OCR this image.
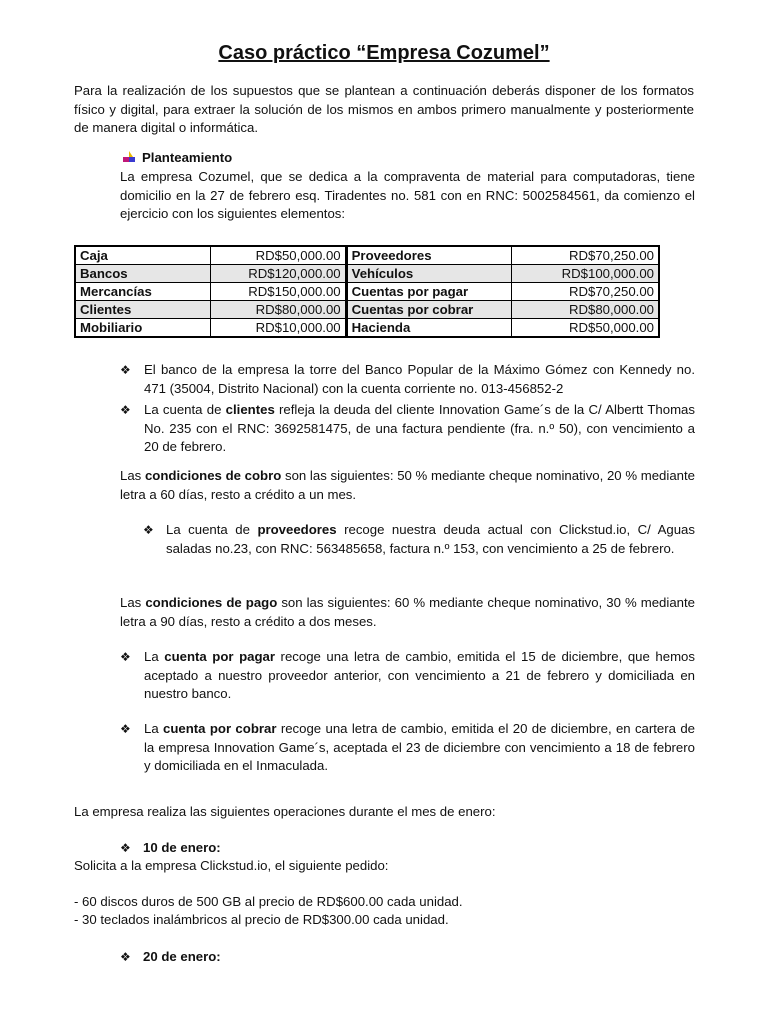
Caso práctico “Empresa Cozumel”

Para la realización de los supuestos que se plantean a continuación deberás disponer de los formatos físico y digital, para extraer la solución de los mismos en ambos primero manualmente y posteriormente de manera digital o informática.

Planteamiento

La empresa Cozumel, que se dedica a la compraventa de material para computadoras, tiene domicilio en la 27 de febrero esq. Tiradentes no. 581 con en RNC: 5002584561, da comienzo el ejercicio con los siguientes elementos:

Caja	RD$50,000.00	Proveedores	RD$70,250.00
Bancos	RD$120,000.00	Vehículos	RD$100,000.00
Mercancías	RD$150,000.00	Cuentas por pagar	RD$70,250.00
Clientes	RD$80,000.00	Cuentas por cobrar	RD$80,000.00
Mobiliario	RD$10,000.00	Hacienda	RD$50,000.00
❖ El banco de la empresa la torre del Banco Popular de la Máximo Gómez con Kennedy no. 471 (35004, Distrito Nacional) con la cuenta corriente no. 013-456852-2

❖ La cuenta de clientes refleja la deuda del cliente Innovation Game´s de la C/ Albertt Thomas No. 235 con el RNC: 3692581475, de una factura pendiente (fra. n.º 50), con vencimiento a 20 de febrero.

Las condiciones de cobro son las siguientes: 50 % mediante cheque nominativo, 20 % mediante letra a 60 días, resto a crédito a un mes.

❖ La cuenta de proveedores recoge nuestra deuda actual con Clickstud.io, C/ Aguas saladas no.23, con RNC: 563485658, factura n.º 153, con vencimiento a 25 de febrero.

Las condiciones de pago son las siguientes: 60 % mediante cheque nominativo, 30 % mediante letra a 90 días, resto a crédito a dos meses.

❖ La cuenta por pagar recoge una letra de cambio, emitida el 15 de diciembre, que hemos aceptado a nuestro proveedor anterior, con vencimiento a 21 de febrero y domiciliada en nuestro banco.

❖ La cuenta por cobrar recoge una letra de cambio, emitida el 20 de diciembre, en cartera de la empresa Innovation Game´s, aceptada el 23 de diciembre con vencimiento a 18 de febrero y domiciliada en el Inmaculada.

La empresa realiza las siguientes operaciones durante el mes de enero:

❖ 10 de enero:

Solicita a la empresa Clickstud.io, el siguiente pedido:

- 60 discos duros de 500 GB al precio de RD$600.00 cada unidad.

- 30 teclados inalámbricos al precio de RD$300.00 cada unidad.

❖ 20 de enero:
